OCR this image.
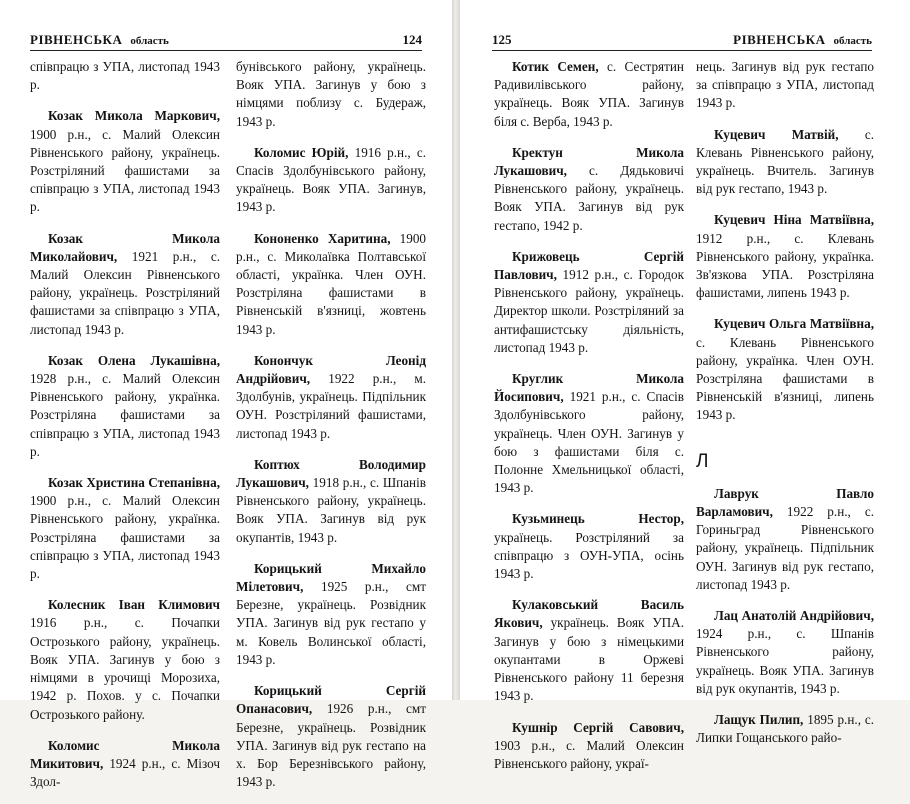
РІВНЕНСЬКА область	124

співпрацю з УПА, листопад 1943 р.

Козак Микола Маркович, 1900 р.н., с. Малий Олексин Рівненського району, українець. Розстріляний фашистами за співпрацю з УПА, листопад 1943 р.

Козак Микола Миколайович, 1921 р.н., с. Малий Олексин Рівненського району, українець. Розстріляний фашистами за співпрацю з УПА, листопад 1943 р.

Козак Олена Лукашівна, 1928 р.н., с. Малий Олексин Рівненського району, українка. Розстріляна фашистами за співпрацю з УПА, листопад 1943 р.

Козак Христина Степанівна, 1900 р.н., с. Малий Олексин Рівненського району, українка. Розстріляна фашистами за співпрацю з УПА, листопад 1943 р.

Колесник Іван Климович 1916 р.н., с. Почапки Острозького району, українець. Вояк УПА. Загинув у бою з німцями в урочищі Морозиха, 1942 р. Похов. у с. Почапки Острозького району.

Коломис Микола Микитович, 1924 р.н., с. Мізоч Здол-

бунівського району, українець. Вояк УПА. Загинув у бою з німцями поблизу с. Будераж, 1943 р.

Коломис Юрій, 1916 р.н., с. Спасів Здолбунівського району, українець. Вояк УПА. Загинув, 1943 р.

Кононенко Харитина, 1900 р.н., с. Миколаївка Полтавської області, українка. Член ОУН. Розстріляна фашистами в Рівненській в'язниці, жовтень 1943 р.

Конончук Леонід Андрійович, 1922 р.н., м. Здолбунів, українець. Підпільник ОУН. Розстріляний фашистами, листопад 1943 р.

Коптюх Володимир Лукашович, 1918 р.н., с. Шпанів Рівненського району, українець. Вояк УПА. Загинув від рук окупантів, 1943 р.

Корицький Михайло Мілетович, 1925 р.н., смт Березне, українець. Розвідник УПА. Загинув від рук гестапо у м. Ковель Волинської області, 1943 р.

Корицький Сергій Опанасович, 1926 р.н., смт Березне, українець. Розвідник УПА. Загинув від рук гестапо на х. Бор Березнівського району, 1943 р.

125	РІВНЕНСЬКА область

Котик Семен, с. Сестрятин Радивилівського району, українець. Вояк УПА. Загинув біля с. Верба, 1943 р.

Кректун Микола Лукашович, с. Дядьковичі Рівненського району, українець. Вояк УПА. Загинув від рук гестапо, 1942 р.

Крижовець Сергій Павлович, 1912 р.н., с. Городок Рівненського району, українець. Директор школи. Розстріляний за антифашистську діяльність, листопад 1943 р.

Круглик Микола Йосипович, 1921 р.н., с. Спасів Здолбунівського району, українець. Член ОУН. Загинув у бою з фашистами біля с. Полонне Хмельницької області, 1943 р.

Кузьминець Нестор, українець. Розстріляний за співпрацю з ОУН-УПА, осінь 1943 р.

Кулаковський Василь Якович, українець. Вояк УПА. Загинув у бою з німецькими окупантами в Оржеві Рівненського району 11 березня 1943 р.

Кушнір Сергій Савович, 1903 р.н., с. Малий Олексин Рівненського району, украї-

нець. Загинув від рук гестапо за співпрацю з УПА, листопад 1943 р.

Куцевич Матвій, с. Клевань Рівненського району, українець. Вчитель. Загинув від рук гестапо, 1943 р.

Куцевич Ніна Матвіївна, 1912 р.н., с. Клевань Рівненського району, українка. Зв'язкова УПА. Розстріляна фашистами, липень 1943 р.

Куцевич Ольга Матвіївна, с. Клевань Рівненського району, українка. Член ОУН. Розстріляна фашистами в Рівненській в'язниці, липень 1943 р.

Л

Лаврук Павло Варламович, 1922 р.н., с. Гориньград Рівненського району, українець. Підпільник ОУН. Загинув від рук гестапо, листопад 1943 р.

Лац Анатолій Андрійович, 1924 р.н., с. Шпанів Рівненського району, українець. Вояк УПА. Загинув від рук окупантів, 1943 р.

Лащук Пилип, 1895 р.н., с. Липки Гощанського райо-
